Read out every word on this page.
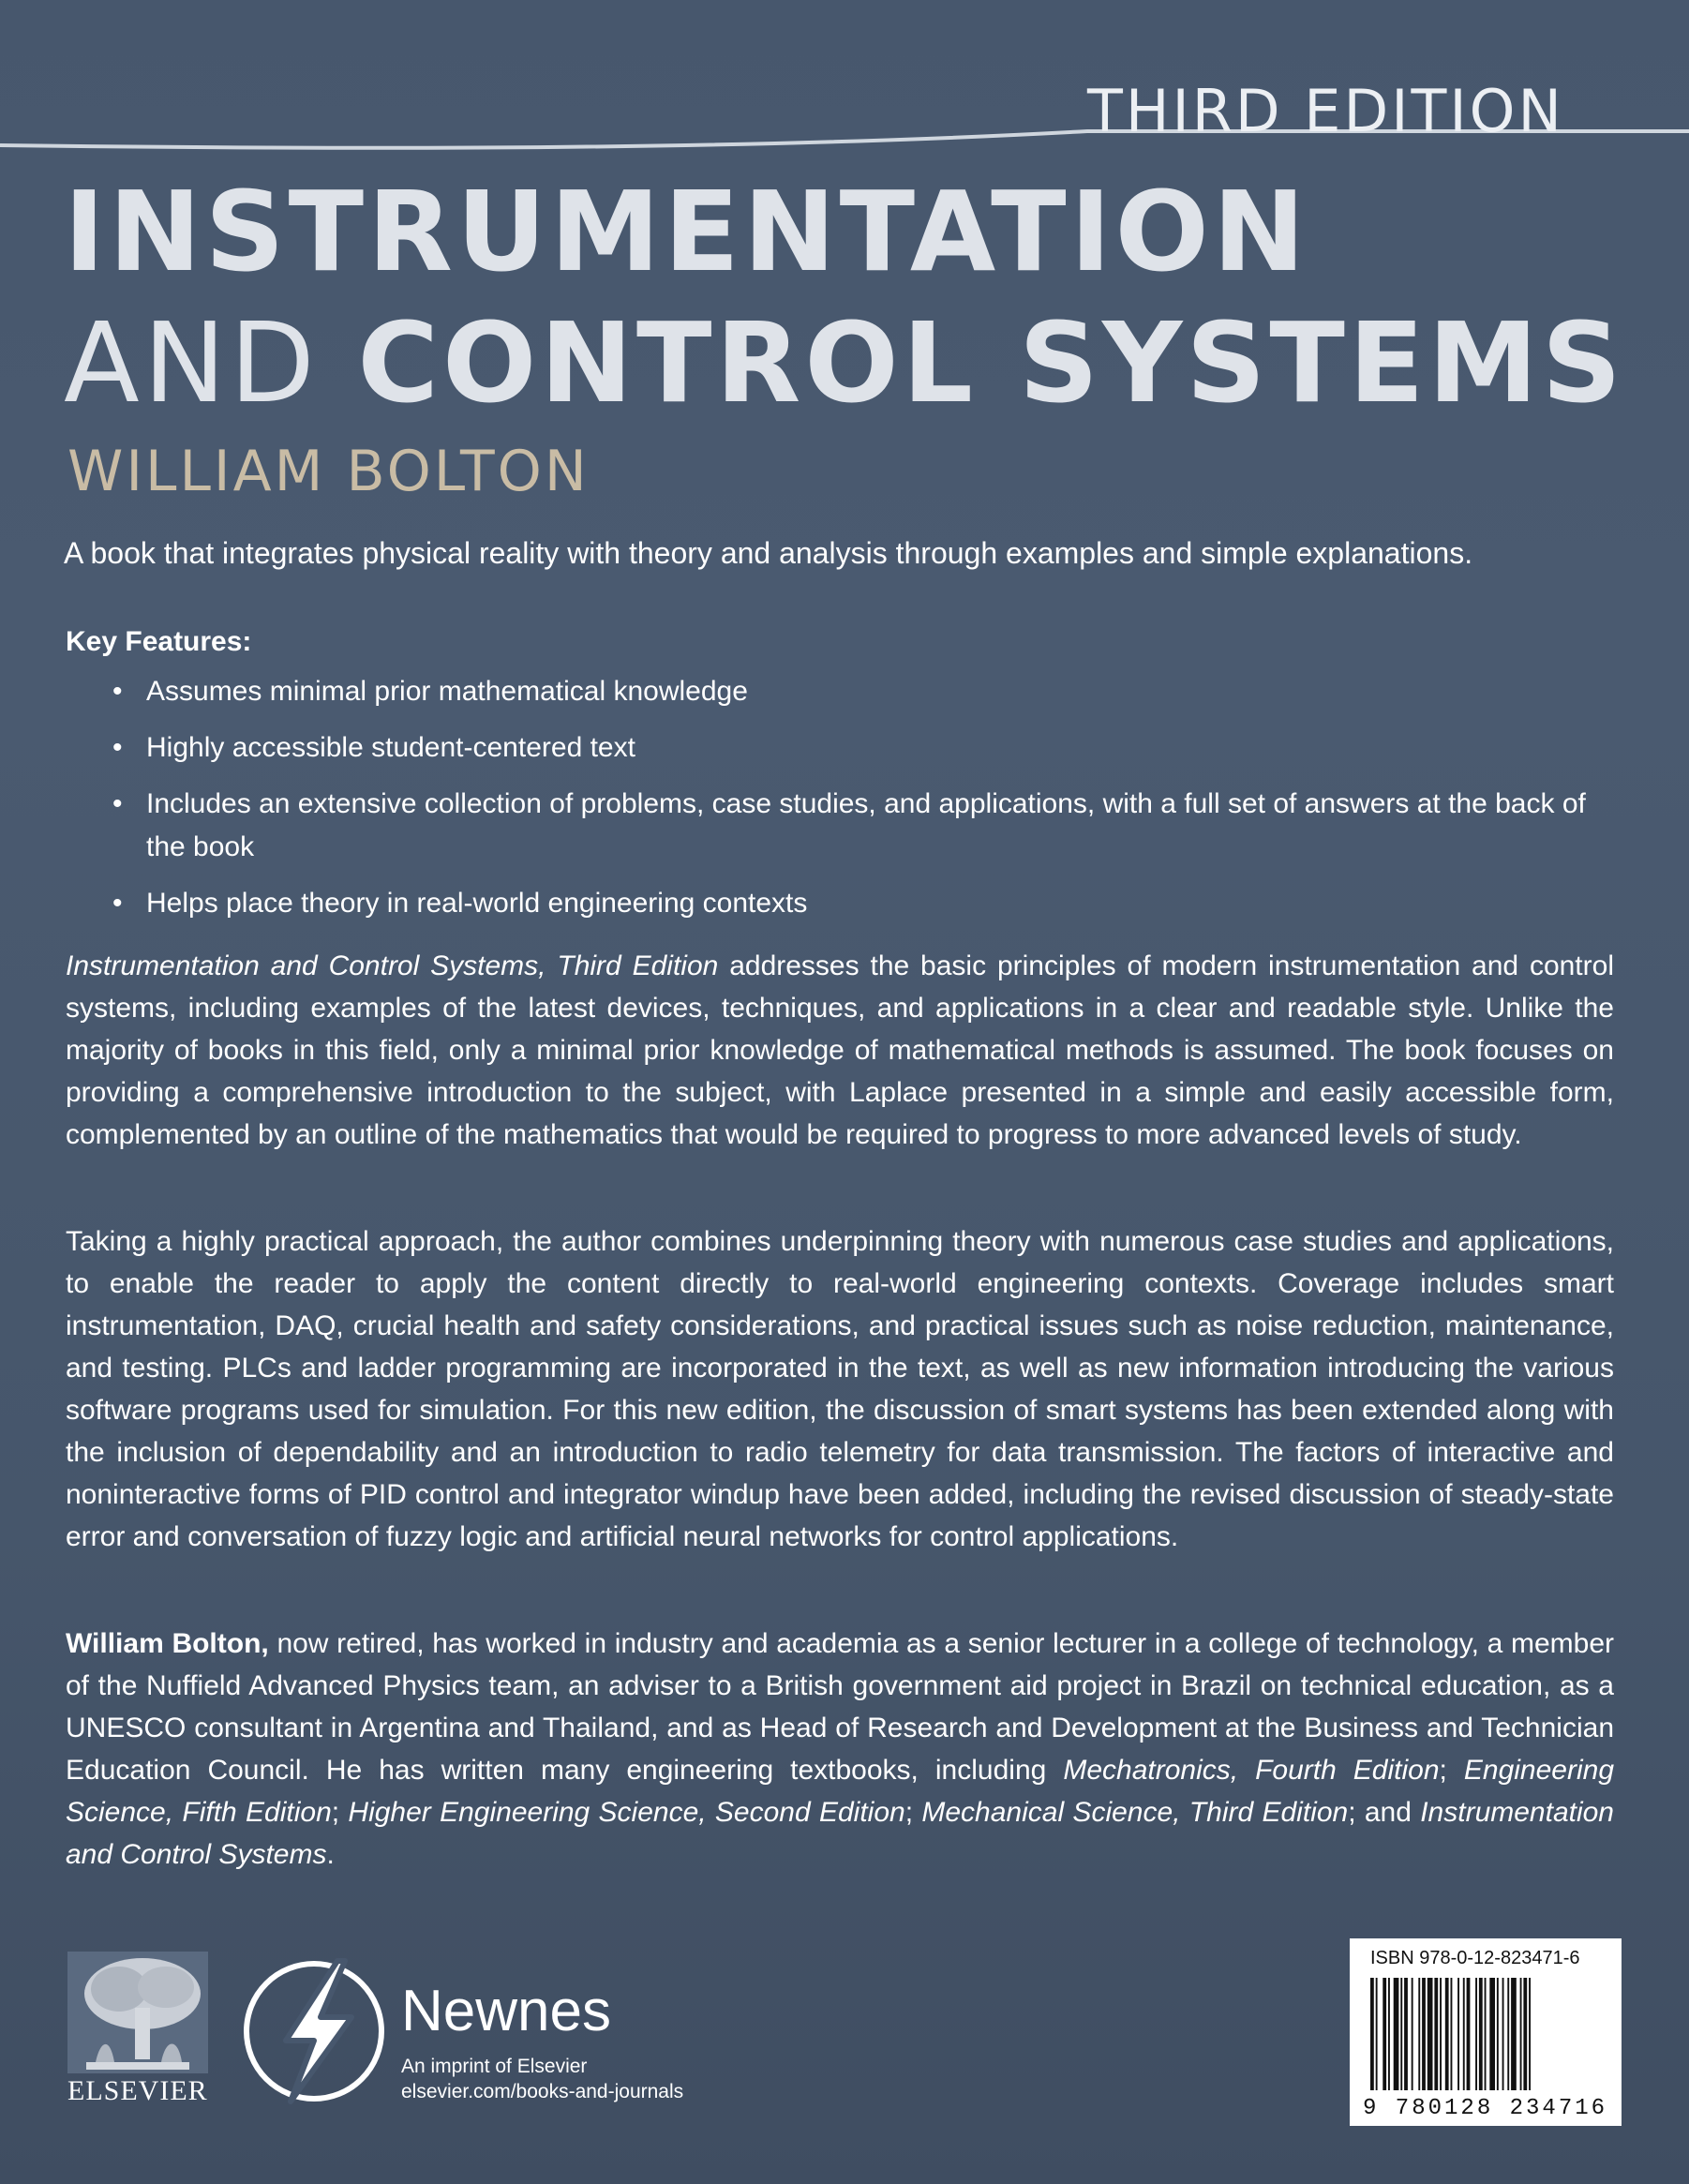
THIRD EDITION
INSTRUMENTATION
AND CONTROL SYSTEMS
WILLIAM BOLTON
A book that integrates physical reality with theory and analysis through examples and simple explanations.
Key Features:
• Assumes minimal prior mathematical knowledge
• Highly accessible student-centered text
• Includes an extensive collection of problems, case studies, and applications, with a full set of answers at the back of the book
• Helps place theory in real-world engineering contexts

Instrumentation and Control Systems, Third Edition addresses the basic principles of modern instrumentation and control systems, including examples of the latest devices, techniques, and applications in a clear and readable style. Unlike the majority of books in this field, only a minimal prior knowledge of mathematical methods is assumed. The book focuses on providing a comprehensive introduction to the subject, with Laplace presented in a simple and easily accessible form, complemented by an outline of the mathematics that would be required to progress to more advanced levels of study.

Taking a highly practical approach, the author combines underpinning theory with numerous case studies and applications, to enable the reader to apply the content directly to real-world engineering contexts. Coverage includes smart instrumentation, DAQ, crucial health and safety considerations, and practical issues such as noise reduction, maintenance, and testing. PLCs and ladder programming are incorporated in the text, as well as new information introducing the various software programs used for simulation. For this new edition, the discussion of smart systems has been extended along with the inclusion of dependability and an introduction to radio telemetry for data transmission. The factors of interactive and noninteractive forms of PID control and integrator windup have been added, including the revised discussion of steady-state error and conversation of fuzzy logic and artificial neural networks for control applications.

William Bolton, now retired, has worked in industry and academia as a senior lecturer in a college of technology, a member of the Nuffield Advanced Physics team, an adviser to a British government aid project in Brazil on technical education, as a UNESCO consultant in Argentina and Thailand, and as Head of Research and Development at the Business and Technician Education Council. He has written many engineering textbooks, including Mechatronics, Fourth Edition; Engineering Science, Fifth Edition; Higher Engineering Science, Second Edition; Mechanical Science, Third Edition; and Instrumentation and Control Systems.

ELSEVIER
Newnes
An imprint of Elsevier
elsevier.com/books-and-journals
ISBN 978-0-12-823471-6
9 780128 234716
